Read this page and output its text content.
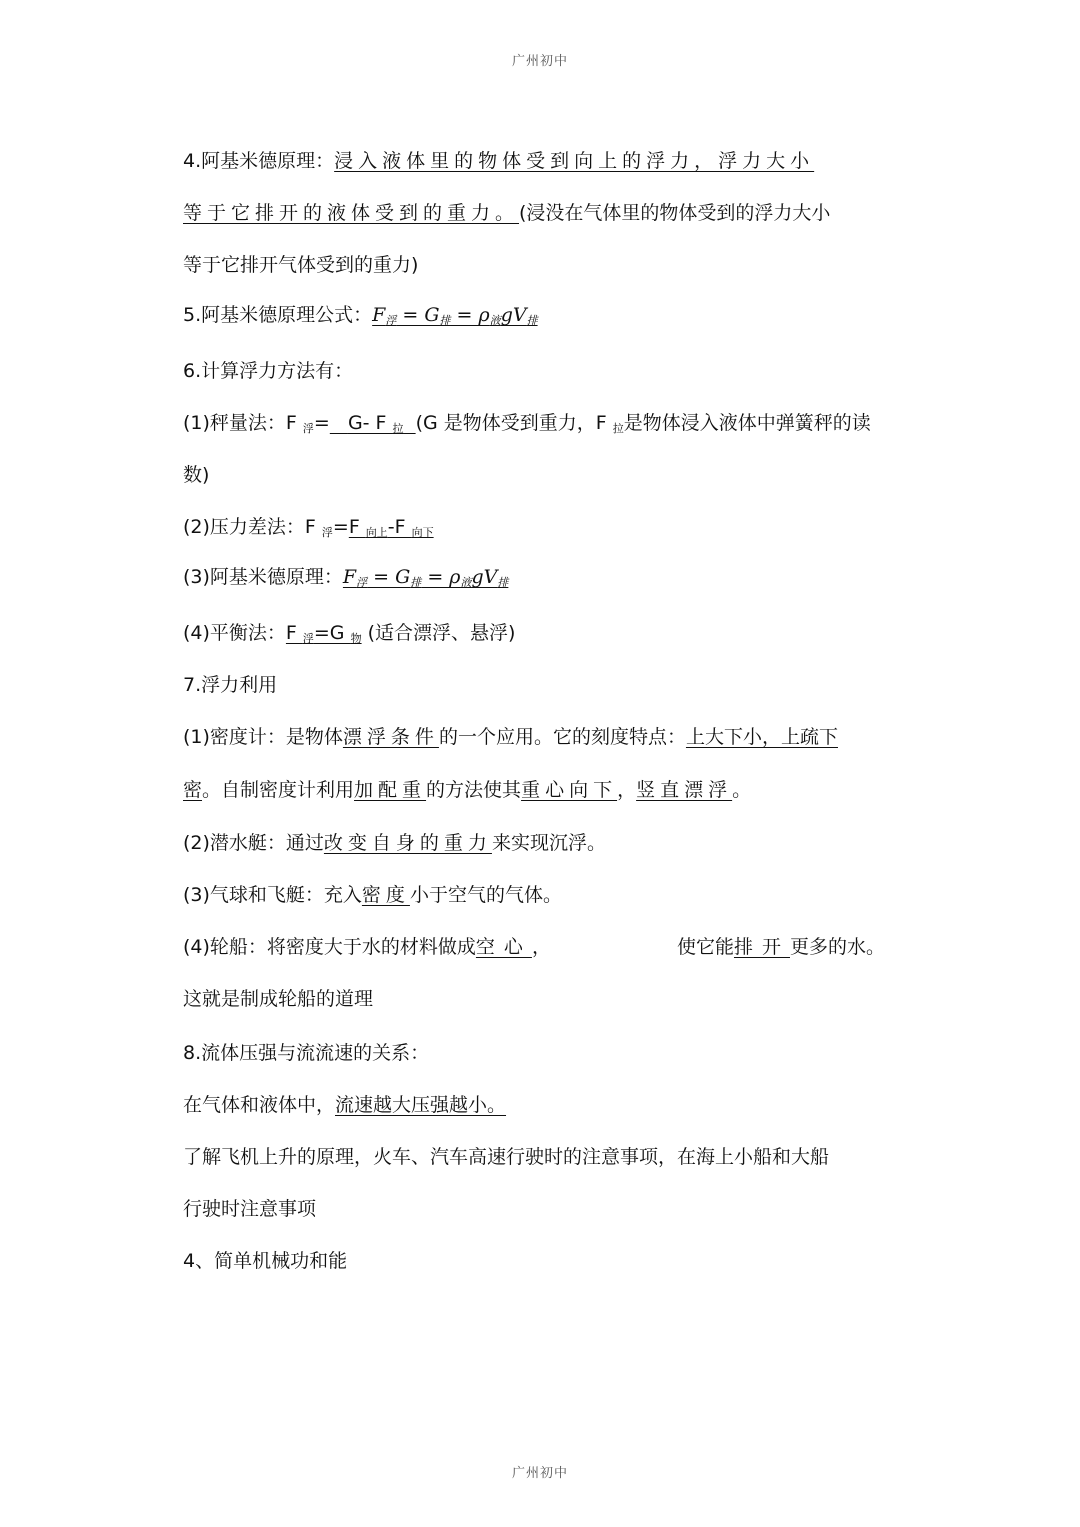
广州初中
4.阿基米德原理：浸入液体里的物体受到向上的浮力，浮力大小
等于它排开的液体受到的重力。(浸没在气体里的物体受到的浮力大小
等于它排开气体受到的重力)
5.阿基米德原理公式：$F_浮 = G_排 = \rho_液gV_排$
6.计算浮力方法有：
(1)秤量法：F $_浮$= G- F $_拉$ (G 是物体受到重力，F $_拉$是物体浸入液体中弹簧秤的读
数)
(2)压力差法：F $_浮$=F $_{向上}$-F $_{向下}$
(3)阿基米德原理：$F_浮 = G_排 = \rho_液gV_排$
(4)平衡法：F $_浮$=G $_物$ (适合漂浮、悬浮)
7.浮力利用
(1)密度计：是物体漂浮条件的一个应用。它的刻度特点：上大下小，上疏下
密。自制密度计利用加配重的方法使其重心向下，竖直漂浮。
(2)潜水艇：通过改变自身的重力来实现沉浮。
(3)气球和飞艇：充入密度小于空气的气体。
(4)轮船：将密度大于水的材料做成空心，	使它能排开更多的水。
这就是制成轮船的道理
8.流体压强与流流速的关系：
在气体和液体中，流速越大压强越小。
了解飞机上升的原理，火车、汽车高速行驶时的注意事项，在海上小船和大船
行驶时注意事项
4、简单机械功和能
广州初中
